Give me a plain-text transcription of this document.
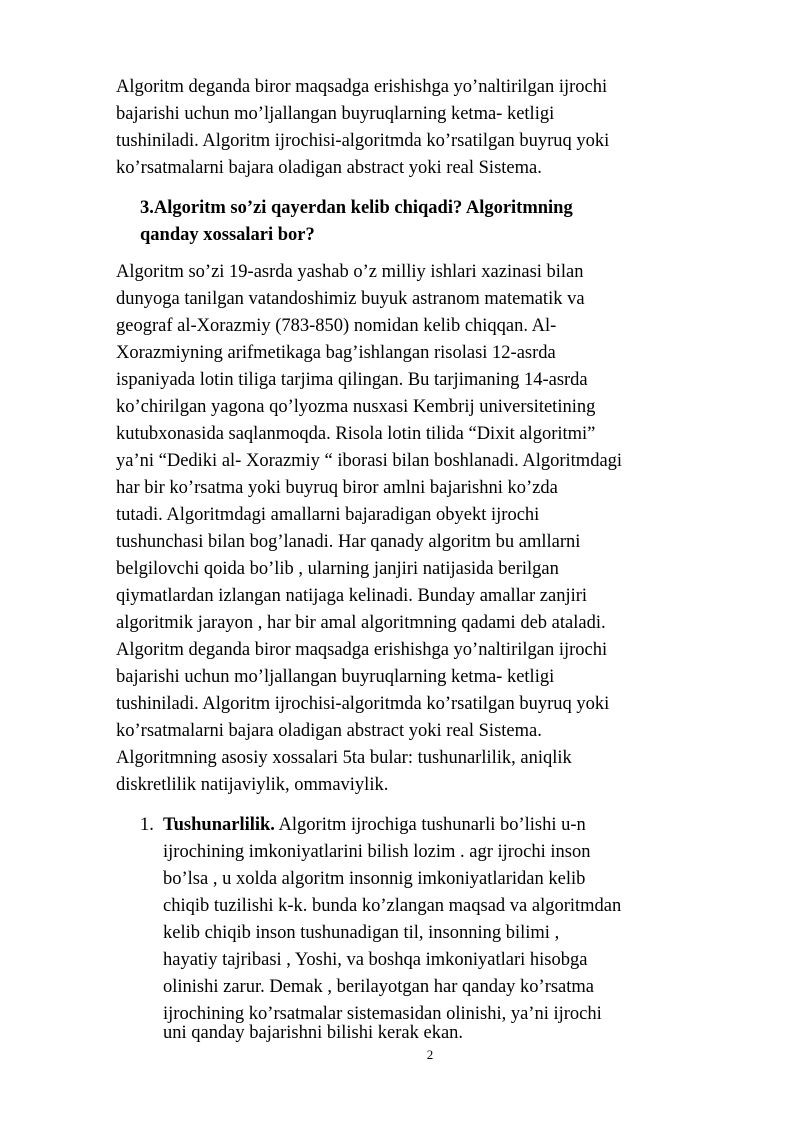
Algoritm deganda biror maqsadga erishishga yo’naltirilgan ijrochi
bajarishi uchun mo’ljallangan buyruqlarning ketma- ketligi
tushiniladi. Algoritm ijrochisi-algoritmda ko’rsatilgan buyruq yoki
ko’rsatmalarni bajara oladigan abstract yoki real Sistema.
3.Algoritm so’zi qayerdan kelib chiqadi? Algoritmning
qanday xossalari bor?
Algoritm so’zi 19-asrda yashab o’z milliy ishlari xazinasi bilan
dunyoga tanilgan vatandoshimiz buyuk astranom matematik va
geograf al-Xorazmiy (783-850) nomidan kelib chiqqan. Al-
Xorazmiyning arifmetikaga bag’ishlangan risolasi 12-asrda
ispaniyada lotin tiliga tarjima qilingan. Bu tarjimaning 14-asrda
ko’chirilgan yagona qo’lyozma nusxasi Kembrij universitetining
kutubxonasida saqlanmoqda. Risola lotin tilida “Dixit algoritmi”
ya’ni “Dediki al- Xorazmiy “ iborasi bilan boshlanadi. Algoritmdagi
har bir ko’rsatma yoki buyruq biror amlni bajarishni ko’zda
tutadi. Algoritmdagi amallarni bajaradigan obyekt ijrochi
tushunchasi bilan bog’lanadi. Har qanady algoritm bu amllarni
belgilovchi qoida bo’lib , ularning janjiri natijasida berilgan
qiymatlardan izlangan natijaga kelinadi. Bunday amallar zanjiri
algoritmik jarayon , har bir amal algoritmning qadami deb ataladi.
Algoritm deganda biror maqsadga erishishga yo’naltirilgan ijrochi
bajarishi uchun mo’ljallangan buyruqlarning ketma- ketligi
tushiniladi. Algoritm ijrochisi-algoritmda ko’rsatilgan buyruq yoki
ko’rsatmalarni bajara oladigan abstract yoki real Sistema.
Algoritmning asosiy xossalari 5ta bular: tushunarlilik, aniqlik
diskretlilik natijaviylik, ommaviylik.
1. Tushunarlilik. Algoritm ijrochiga tushunarli bo’lishi u-n
ijrochining imkoniyatlarini bilish lozim . agr ijrochi inson
bo’lsa , u xolda algoritm insonnig imkoniyatlaridan kelib
chiqib tuzilishi k-k. bunda ko’zlangan maqsad va algoritmdan
kelib chiqib inson tushunadigan til, insonning bilimi ,
hayatiy tajribasi , Yoshi, va boshqa imkoniyatlari hisobga
olinishi zarur. Demak , berilayotgan har qanday ko’rsatma
ijrochining ko’rsatmalar sistemasidan olinishi, ya’ni ijrochi
uni qanday bajarishni bilishi kerak ekan.
2
